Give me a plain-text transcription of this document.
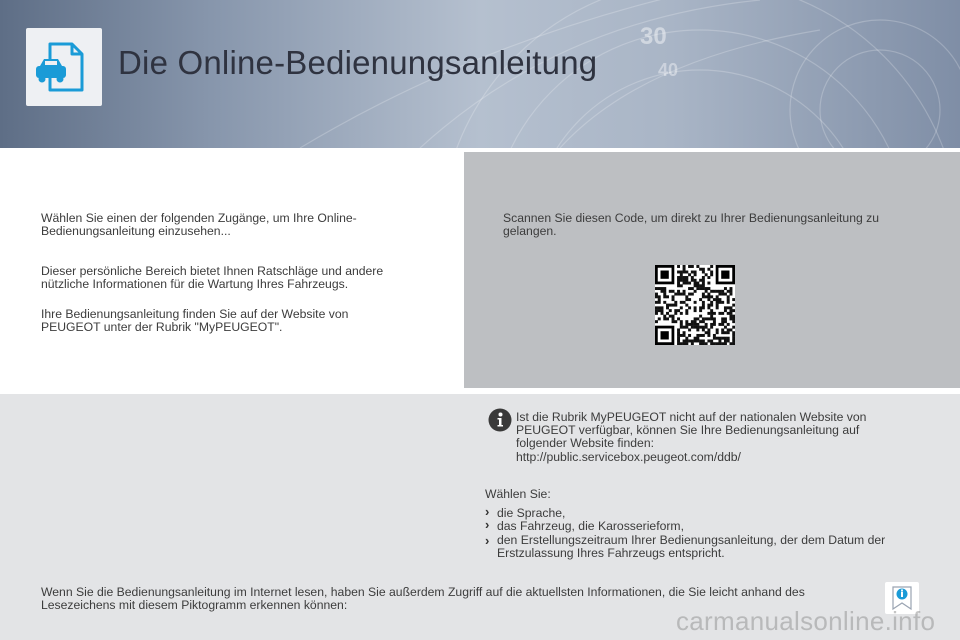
30
40
Die Online-Bedienungsanleitung
Wählen Sie einen der folgenden Zugänge, um Ihre Online-
Bedienungsanleitung einzusehen...
Dieser persönliche Bereich bietet Ihnen Ratschläge und andere
nützliche Informationen für die Wartung Ihres Fahrzeugs.
Ihre Bedienungsanleitung finden Sie auf der Website von
PEUGEOT unter der Rubrik "MyPEUGEOT".
Scannen Sie diesen Code, um direkt zu Ihrer Bedienungsanleitung zu
gelangen.
Ist die Rubrik MyPEUGEOT nicht auf der nationalen Website von
PEUGEOT verfügbar, können Sie Ihre Bedienungsanleitung auf
folgender Website finden:
http://public.servicebox.peugeot.com/ddb/
Wählen Sie:
› die Sprache,
› das Fahrzeug, die Karosserieform,
› den Erstellungszeitraum Ihrer Bedienungsanleitung, der dem Datum der
Erstzulassung Ihres Fahrzeugs entspricht.
Wenn Sie die Bedienungsanleitung im Internet lesen, haben Sie außerdem Zugriff auf die aktuellsten Informationen, die Sie leicht anhand des
Lesezeichens mit diesem Piktogramm erkennen können:
carmanualsonline.info
